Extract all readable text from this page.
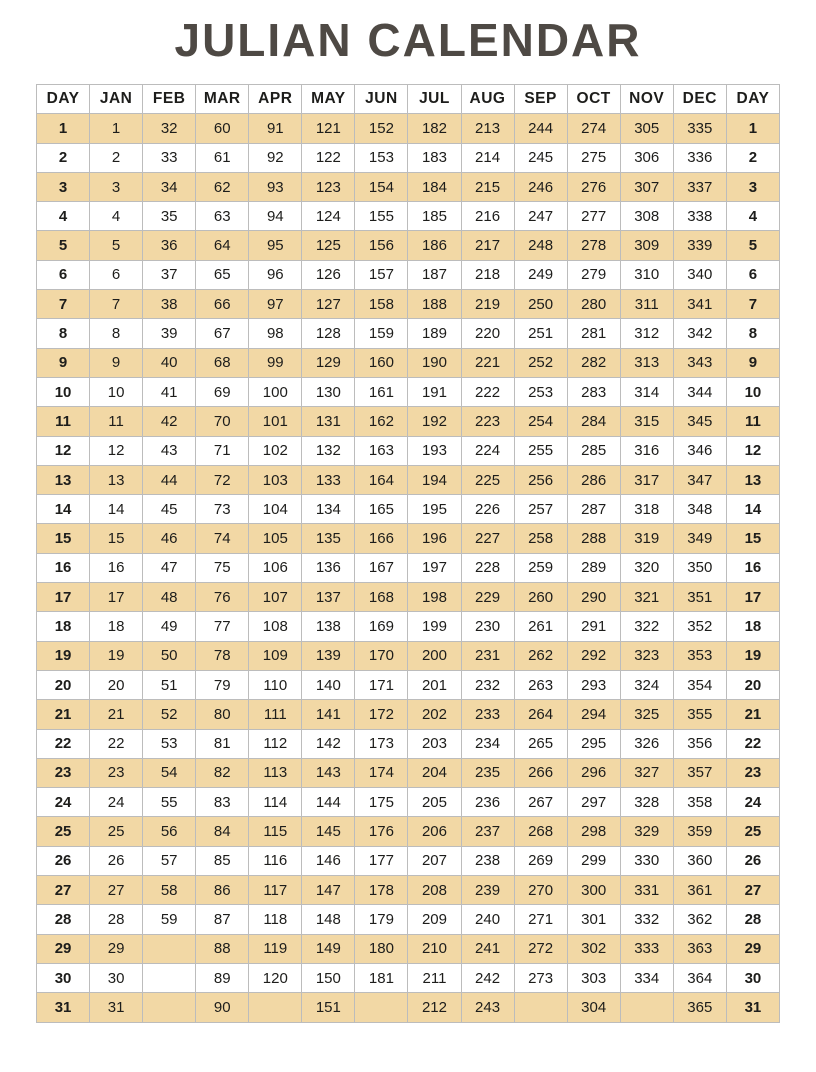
JULIAN CALENDAR
DAY	JAN	FEB	MAR	APR	MAY	JUN	JUL	AUG	SEP	OCT	NOV	DEC	DAY
1	1	32	60	91	121	152	182	213	244	274	305	335	1
2	2	33	61	92	122	153	183	214	245	275	306	336	2
3	3	34	62	93	123	154	184	215	246	276	307	337	3
4	4	35	63	94	124	155	185	216	247	277	308	338	4
5	5	36	64	95	125	156	186	217	248	278	309	339	5
6	6	37	65	96	126	157	187	218	249	279	310	340	6
7	7	38	66	97	127	158	188	219	250	280	311	341	7
8	8	39	67	98	128	159	189	220	251	281	312	342	8
9	9	40	68	99	129	160	190	221	252	282	313	343	9
10	10	41	69	100	130	161	191	222	253	283	314	344	10
11	11	42	70	101	131	162	192	223	254	284	315	345	11
12	12	43	71	102	132	163	193	224	255	285	316	346	12
13	13	44	72	103	133	164	194	225	256	286	317	347	13
14	14	45	73	104	134	165	195	226	257	287	318	348	14
15	15	46	74	105	135	166	196	227	258	288	319	349	15
16	16	47	75	106	136	167	197	228	259	289	320	350	16
17	17	48	76	107	137	168	198	229	260	290	321	351	17
18	18	49	77	108	138	169	199	230	261	291	322	352	18
19	19	50	78	109	139	170	200	231	262	292	323	353	19
20	20	51	79	110	140	171	201	232	263	293	324	354	20
21	21	52	80	111	141	172	202	233	264	294	325	355	21
22	22	53	81	112	142	173	203	234	265	295	326	356	22
23	23	54	82	113	143	174	204	235	266	296	327	357	23
24	24	55	83	114	144	175	205	236	267	297	328	358	24
25	25	56	84	115	145	176	206	237	268	298	329	359	25
26	26	57	85	116	146	177	207	238	269	299	330	360	26
27	27	58	86	117	147	178	208	239	270	300	331	361	27
28	28	59	87	118	148	179	209	240	271	301	332	362	28
29	29		88	119	149	180	210	241	272	302	333	363	29
30	30		89	120	150	181	211	242	273	303	334	364	30
31	31		90		151		212	243		304		365	31
